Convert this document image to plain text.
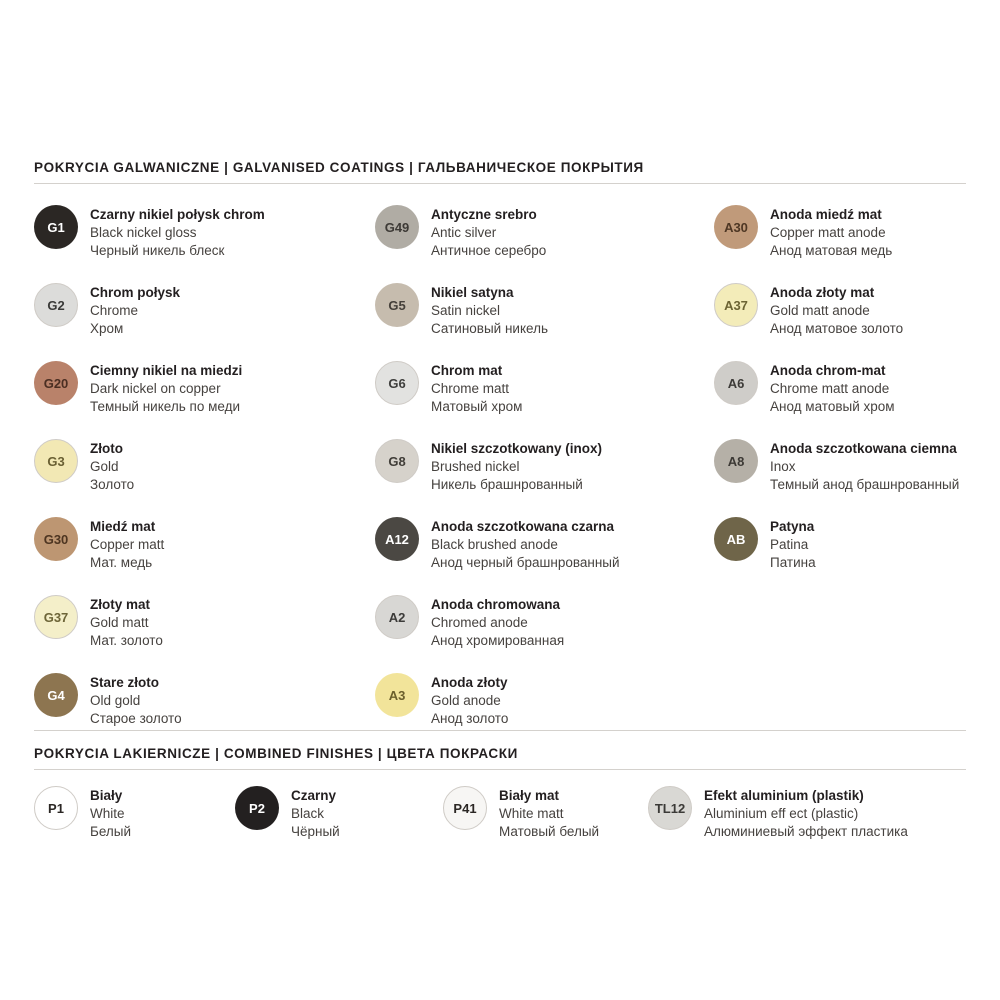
POKRYCIA GALWANICZNE | GALVANISED COATINGS | ГАЛЬВАНИЧЕСКОЕ ПОКРЫТИЯ
G1
Czarny nikiel połysk chrom
Black nickel gloss
Черный никель блеск
G2
Chrom połysk
Chrome
Хром
G20
Ciemny nikiel na miedzi
Dark nickel on copper
Темный никель по меди
G3
Złoto
Gold
Золото
G30
Miedź mat
Copper matt
Мат. медь
G37
Złoty mat
Gold matt
Мат. золото
G4
Stare złoto
Old gold
Старое золото
G49
Antyczne srebro
Antic silver
Античное серебро
G5
Nikiel satyna
Satin nickel
Сатиновый никель
G6
Chrom mat
Chrome matt
Матовый хром
G8
Nikiel szczotkowany (inox)
Brushed nickel
Никель брашнрованный
A12
Anoda szczotkowana czarna
Black brushed anode
Анод черный брашнрованный
A2
Anoda chromowana
Chromed anode
Анод хромированная
A3
Anoda złoty
Gold anode
Анод золото
A30
Anoda miedź mat
Copper matt anode
Анод матовая медь
A37
Anoda złoty mat
Gold matt anode
Анод матовое золото
A6
Anoda chrom-mat
Chrome matt anode
Анод матовый хром
A8
Anoda szczotkowana ciemna
Inox
Темный анод брашнрованный
AB
Patyna
Patina
Патина
POKRYCIA LAKIERNICZE | COMBINED FINISHES | ЦВЕТА ПОКРАСКИ
P1
Biały
White
Белый
P2
Czarny
Black
Чёрный
P41
Biały mat
White matt
Матовый белый
TL12
Efekt aluminium (plastik)
Aluminium eff ect (plastic)
Алюминиевый эффект пластика
